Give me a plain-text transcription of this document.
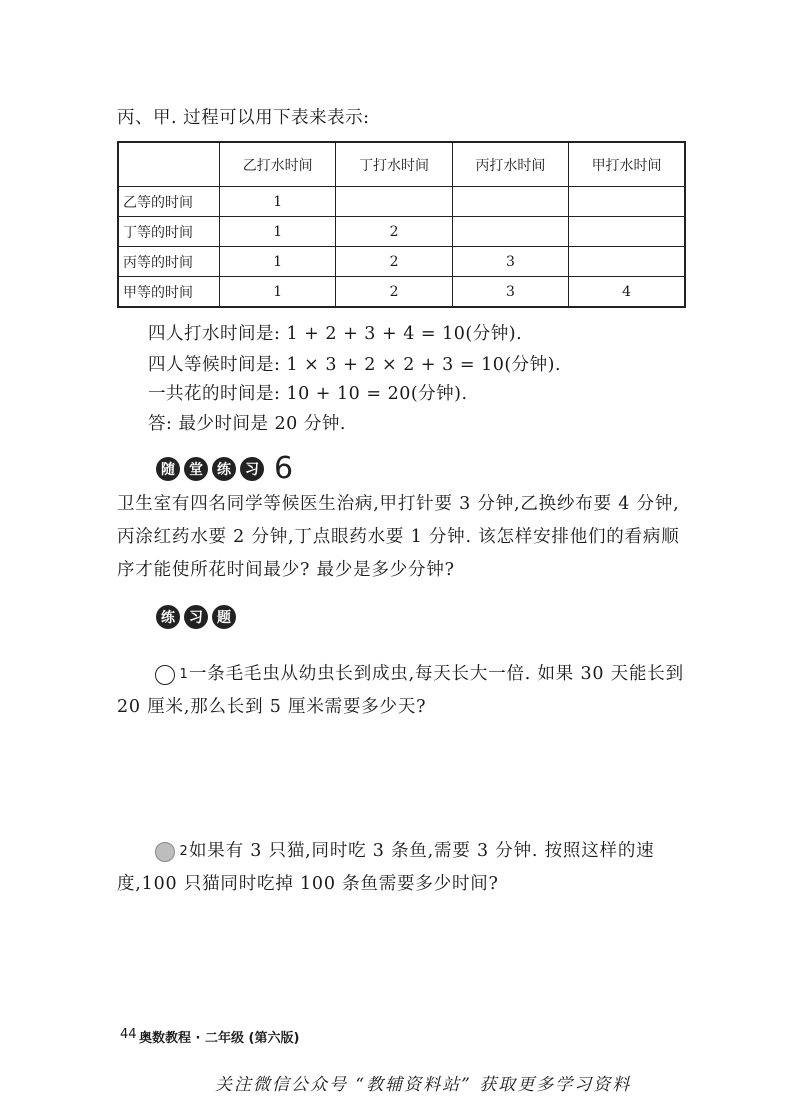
丙、甲. 过程可以用下表来表示:
	乙打水时间	丁打水时间	丙打水时间	甲打水时间
乙等的时间	1			
丁等的时间	1	2		
丙等的时间	1	2	3	
甲等的时间	1	2	3	4
四人打水时间是: 1 + 2 + 3 + 4 = 10(分钟).
四人等候时间是: 1 × 3 + 2 × 2 + 3 = 10(分钟).
一共花的时间是: 10 + 10 = 20(分钟).
答: 最少时间是 20 分钟.
随	堂	练	习 6
卫生室有四名同学等候医生治病,甲打针要 3 分钟,乙换纱布要 4 分钟,丙涂红药水要 2 分钟,丁点眼药水要 1 分钟. 该怎样安排他们的看病顺序才能使所花时间最少? 最少是多少分钟?
练	习	题
1一条毛毛虫从幼虫长到成虫,每天长大一倍. 如果 30 天能长到 20 厘米,那么长到 5 厘米需要多少天?
2如果有 3 只猫,同时吃 3 条鱼,需要 3 分钟. 按照这样的速度,100 只猫同时吃掉 100 条鱼需要多少时间?
44 奥数教程 · 二年级 (第六版)
关注微信公众号 “教辅资料站” 获取更多学习资料
